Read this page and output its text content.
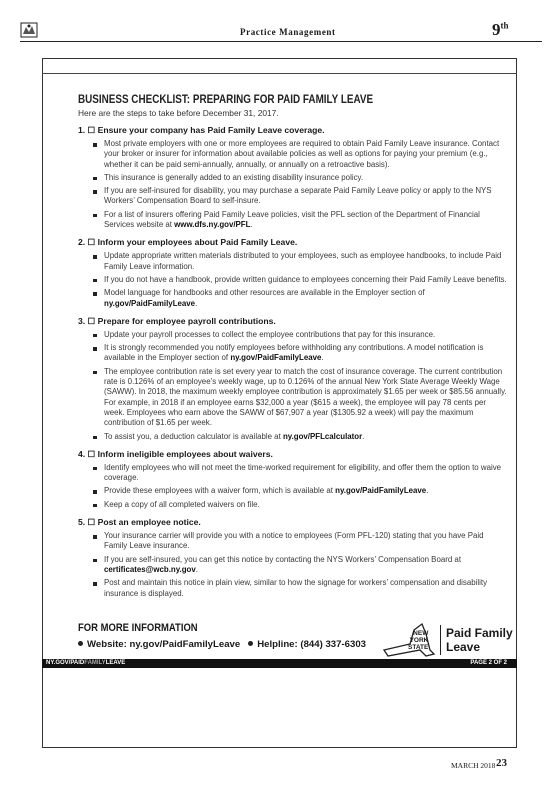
Practice Management	9th
BUSINESS CHECKLIST: PREPARING FOR PAID FAMILY LEAVE
Here are the steps to take before December 31, 2017.
1. ☐ Ensure your company has Paid Family Leave coverage.
Most private employers with one or more employees are required to obtain Paid Family Leave insurance. Contact your broker or insurer for information about available policies as well as options for paying your premium (e.g., whether it can be paid semi-annually, annually, or annually on a retroactive basis).
This insurance is generally added to an existing disability insurance policy.
If you are self-insured for disability, you may purchase a separate Paid Family Leave policy or apply to the NYS Workers’ Compensation Board to self-insure.
For a list of insurers offering Paid Family Leave policies, visit the PFL section of the Department of Financial Services website at www.dfs.ny.gov/PFL.
2. ☐ Inform your employees about Paid Family Leave.
Update appropriate written materials distributed to your employees, such as employee handbooks, to include Paid Family Leave information.
If you do not have a handbook, provide written guidance to employees concerning their Paid Family Leave benefits.
Model language for handbooks and other resources are available in the Employer section of ny.gov/PaidFamilyLeave.
3. ☐ Prepare for employee payroll contributions.
Update your payroll processes to collect the employee contributions that pay for this insurance.
It is strongly recommended you notify employees before withholding any contributions. A model notification is available in the Employer section of ny.gov/PaidFamilyLeave.
The employee contribution rate is set every year to match the cost of insurance coverage. The current contribution rate is 0.126% of an employee’s weekly wage, up to 0.126% of the annual New York State Average Weekly Wage (SAWW). In 2018, the maximum weekly employee contribution is approximately $1.65 per week or $85.56 annually. For example, in 2018 if an employee earns $32,000 a year ($615 a week), the employee will pay 78 cents per week. Employees who earn above the SAWW of $67,907 a year ($1305.92 a week) will pay the maximum contribution of $1.65 per week.
To assist you, a deduction calculator is available at ny.gov/PFLcalculator.
4. ☐ Inform ineligible employees about waivers.
Identify employees who will not meet the time-worked requirement for eligibility, and offer them the option to waive coverage.
Provide these employees with a waiver form, which is available at ny.gov/PaidFamilyLeave.
Keep a copy of all completed waivers on file.
5. ☐ Post an employee notice.
Your insurance carrier will provide you with a notice to employees (Form PFL-120) stating that you have Paid Family Leave insurance.
If you are self-insured, you can get this notice by contacting the NYS Workers’ Compensation Board at certificates@wcb.ny.gov.
Post and maintain this notice in plain view, similar to how the signage for workers’ compensation and disability insurance is displayed.
FOR MORE INFORMATION
Website: ny.gov/PaidFamilyLeave Helpline: (844) 337-6303
NEW
YORK
STATE
Paid Family
Leave
NY.GOV/PAIDFAMILYLEAVE	PAGE 2 OF 2
MARCH 2018 23
